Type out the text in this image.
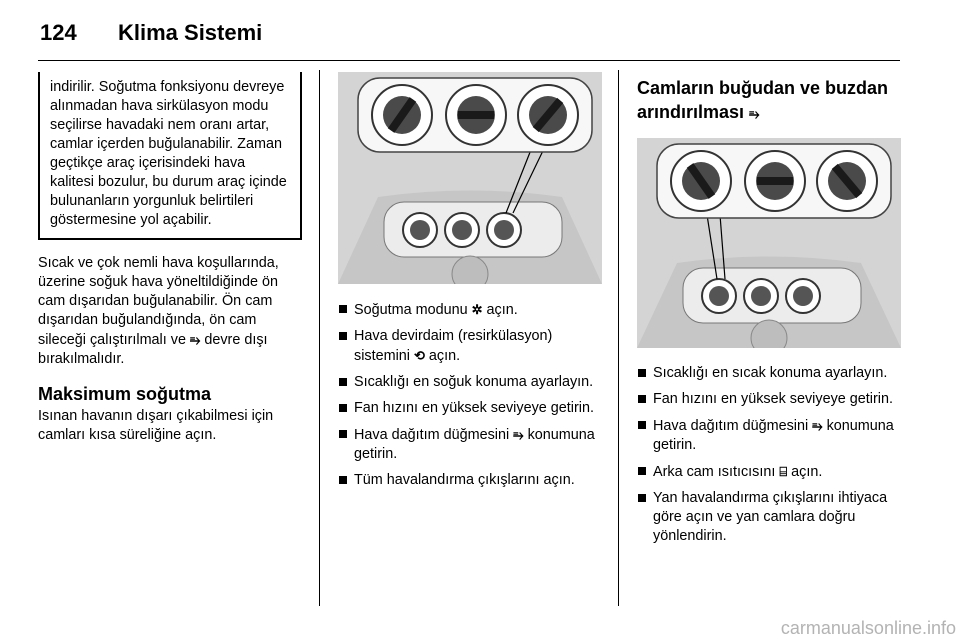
124 Klima Sistemi
indirilir. Soğutma fonksiyonu devreye alınmadan hava sirkülasyon modu seçilirse havadaki nem oranı artar, camlar içerden buğulanabilir. Zaman geçtikçe araç içerisindeki hava kalitesi bozulur, bu durum araç içinde bulunanların yorgunluk belirtileri göstermesine yol açabilir.

Sıcak ve çok nemli hava koşullarında, üzerine soğuk hava yöneltildiğinde ön cam dışarıdan buğulanabilir. Ön cam dışarıdan buğulandığında, ön cam sileceği çalıştırılmalı ve ⥱ devre dışı bırakılmalıdır.

Maksimum soğutma

Isınan havanın dışarı çıkabilmesi için camları kısa süreliğine açın.

Soğutma modunu ✲ açın.
Hava devirdaim (resirkülasyon) sistemini ⟲ açın.
Sıcaklığı en soğuk konuma ayarlayın.
Fan hızını en yüksek seviyeye getirin.
Hava dağıtım düğmesini ⥱ konumuna getirin.
Tüm havalandırma çıkışlarını açın.
Camların buğudan ve buzdan arındırılması ⥱
Sıcaklığı en sıcak konuma ayarlayın.
Fan hızını en yüksek seviyeye getirin.
Hava dağıtım düğmesini ⥱ konumuna getirin.
Arka cam ısıtıcısını ⌸ açın.
Yan havalandırma çıkışlarını ihtiyaca göre açın ve yan camlara doğru yönlendirin.
carmanualsonline.info
